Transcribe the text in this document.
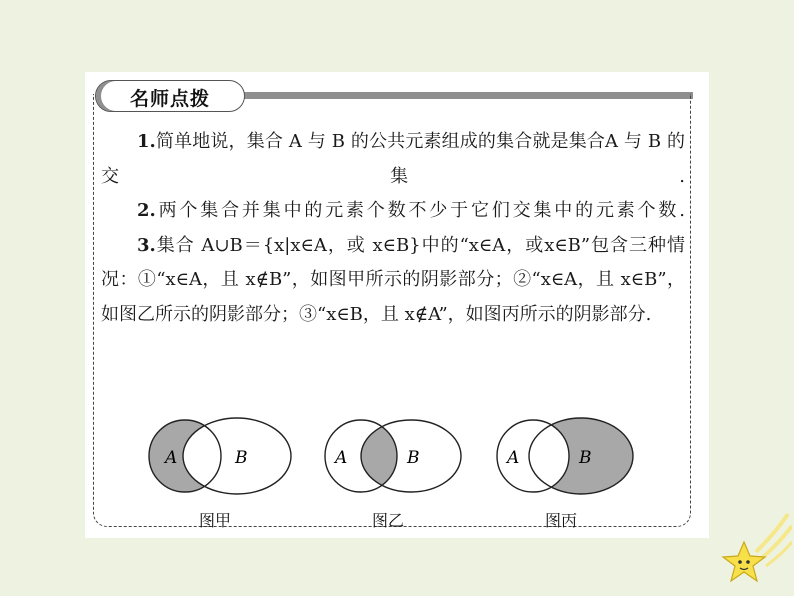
名师点拨

1.简单地说，集合 A 与 B 的公共元素组成的集合就是集合A 与 B 的交集.

2.两个集合并集中的元素个数不少于它们交集中的元素个数.

3.集合 A∪B＝{x|x∈A，或 x∈B}中的“x∈A，或x∈B”包含三种情况：①“x∈A，且 x∉B”，如图甲所示的阴影部分；②“x∈A，且 x∈B”，如图乙所示的阴影部分；③“x∈B，且 x∉A”，如图丙所示的阴影部分.

A	B	A	B	A	B
图甲	图乙	图丙
